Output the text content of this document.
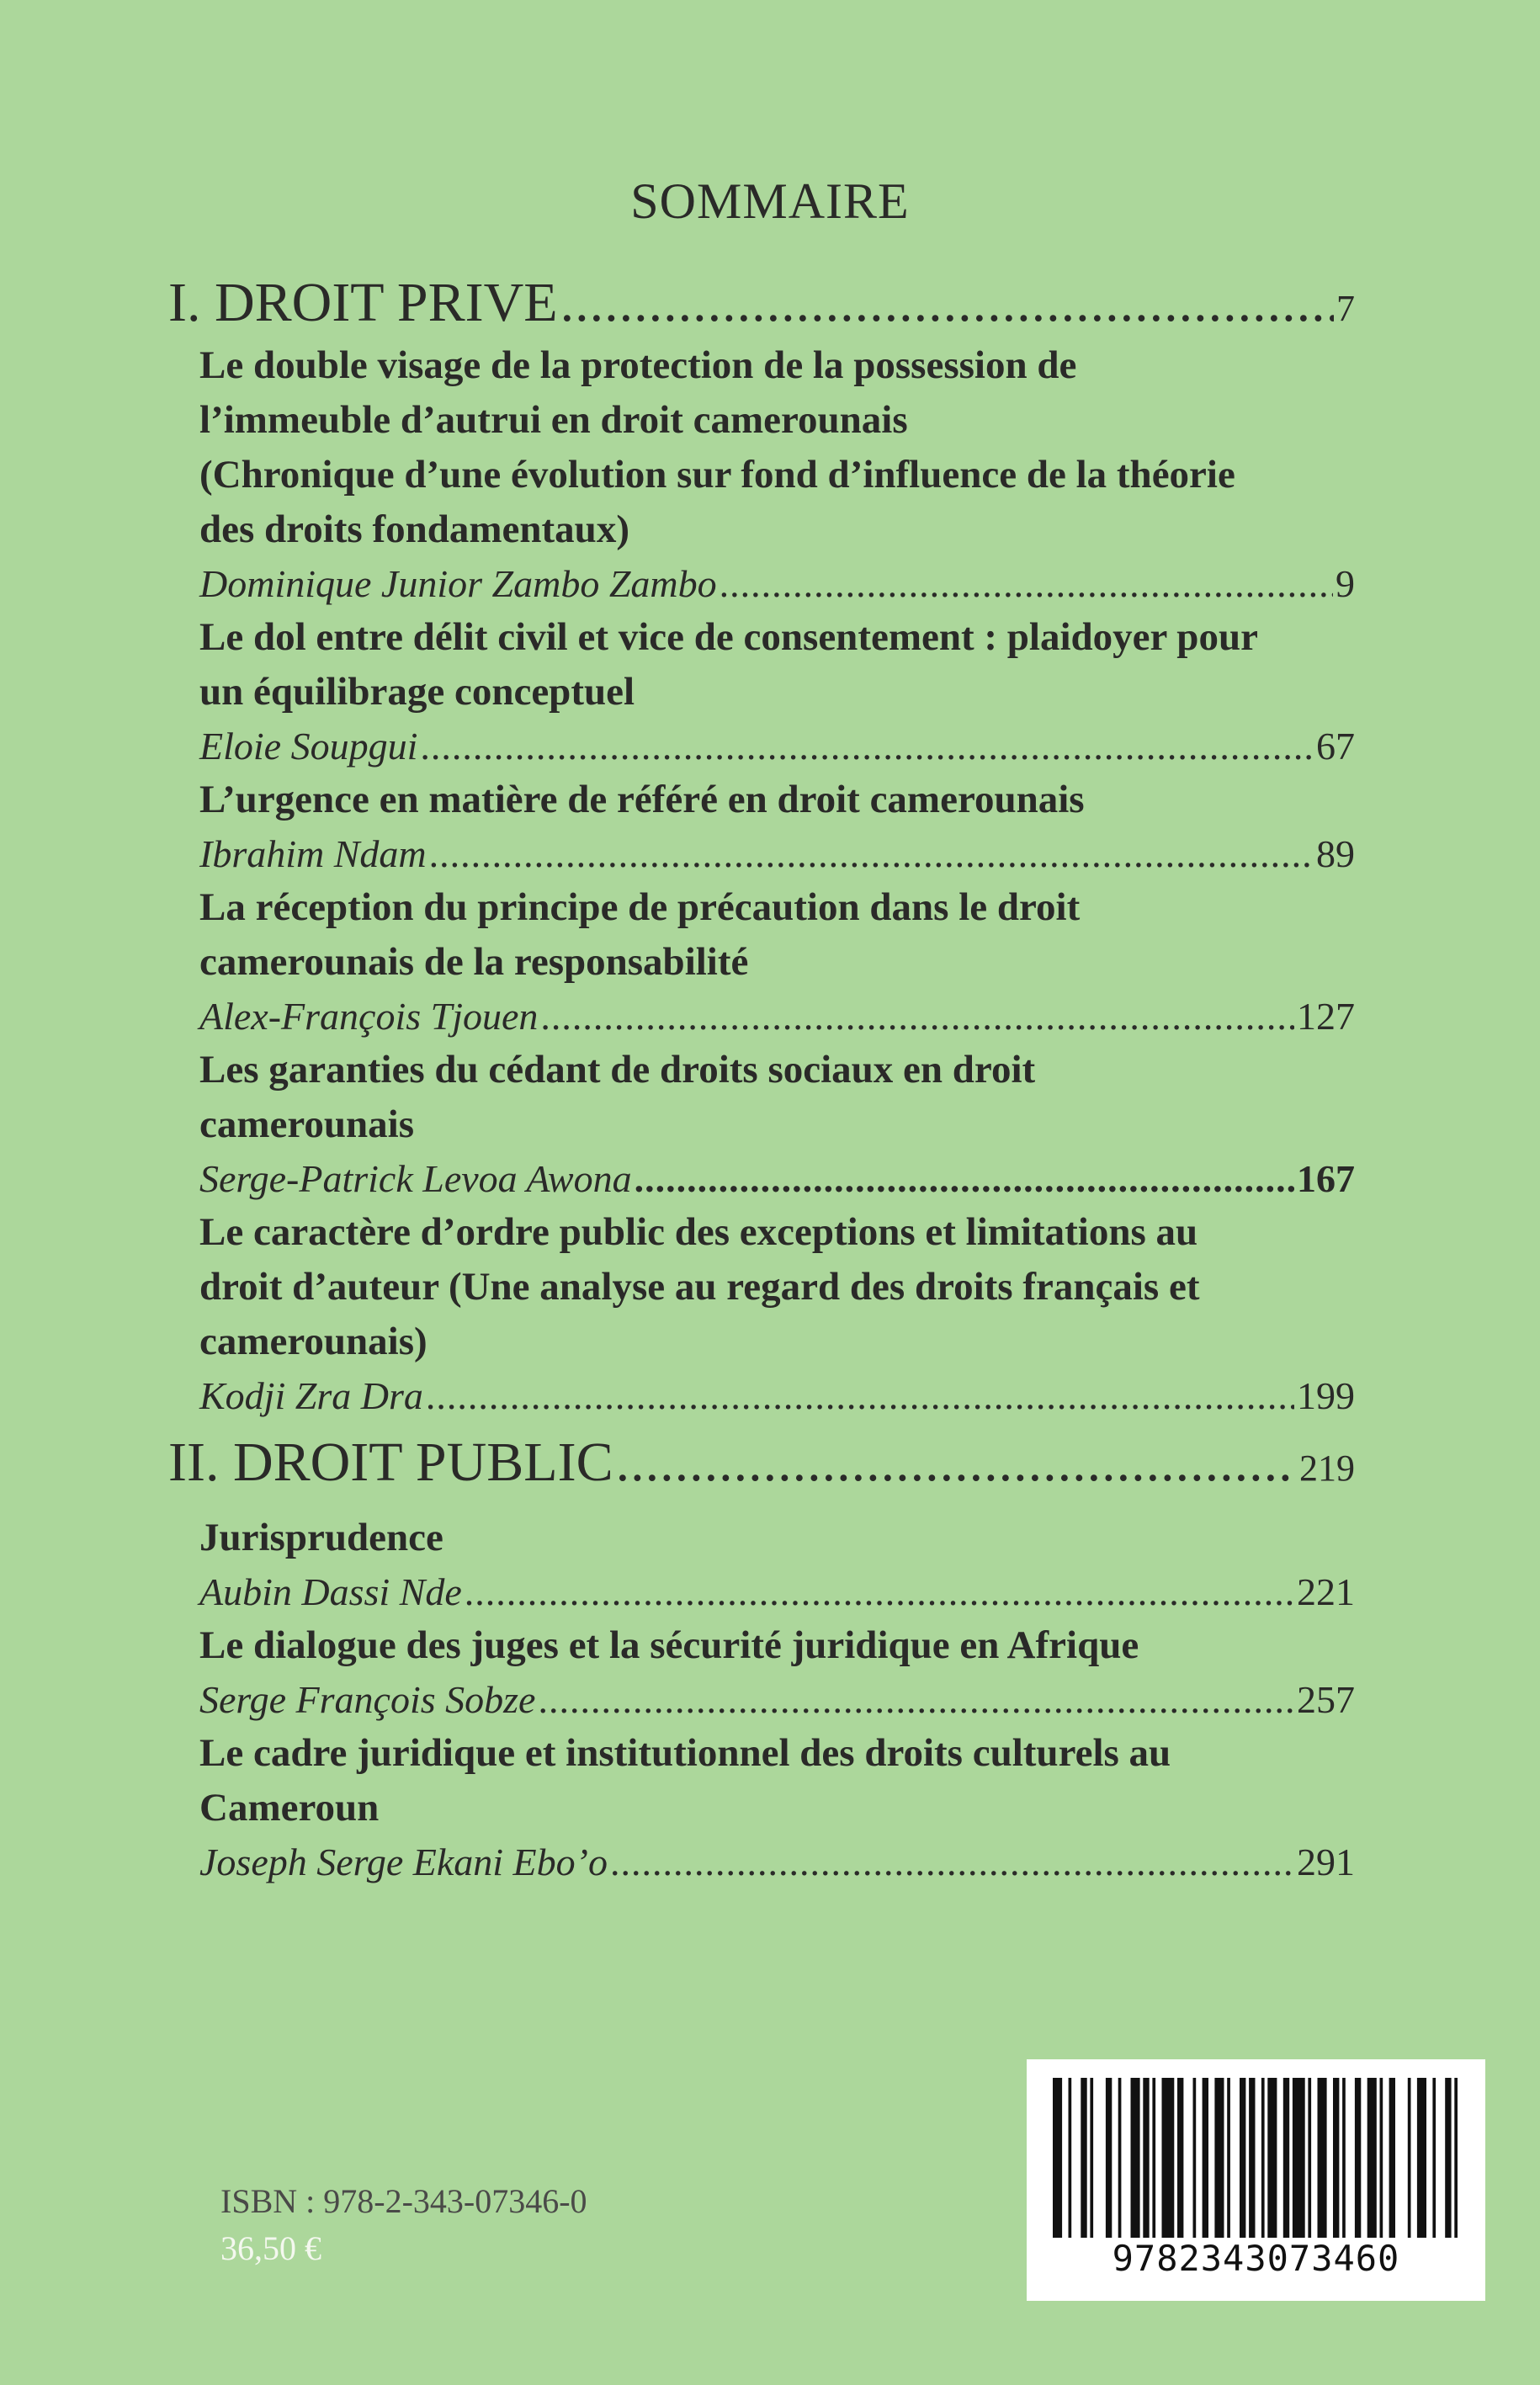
SOMMAIRE
I. DROIT PRIVE .....	7
Le double visage de la protection de la possession de
l’immeuble d’autrui en droit camerounais
(Chronique d’une évolution sur fond d’influence de la théorie
des droits fondamentaux)
Dominique Junior Zambo Zambo .....	9
Le dol entre délit civil et vice de consentement : plaidoyer pour
un équilibrage conceptuel
Eloie Soupgui .....	67
L’urgence en matière de référé en droit camerounais
Ibrahim Ndam .....	89
La réception du principe de précaution dans le droit
camerounais de la responsabilité
Alex-François Tjouen .....	127
Les garanties du cédant de droits sociaux en droit
camerounais
Serge-Patrick Levoa Awona .....	167
Le caractère d’ordre public des exceptions et limitations au
droit d’auteur (Une analyse au regard des droits français et
camerounais)
Kodji Zra Dra .....	199
II. DROIT PUBLIC .....	219
Jurisprudence
Aubin Dassi Nde .....	221
Le dialogue des juges et la sécurité juridique en Afrique
Serge François Sobze .....	257
Le cadre juridique et institutionnel des droits culturels au
Cameroun
Joseph Serge Ekani Ebo’o .....	291
ISBN : 978-2-343-07346-0
36,50 €	9782343073460
